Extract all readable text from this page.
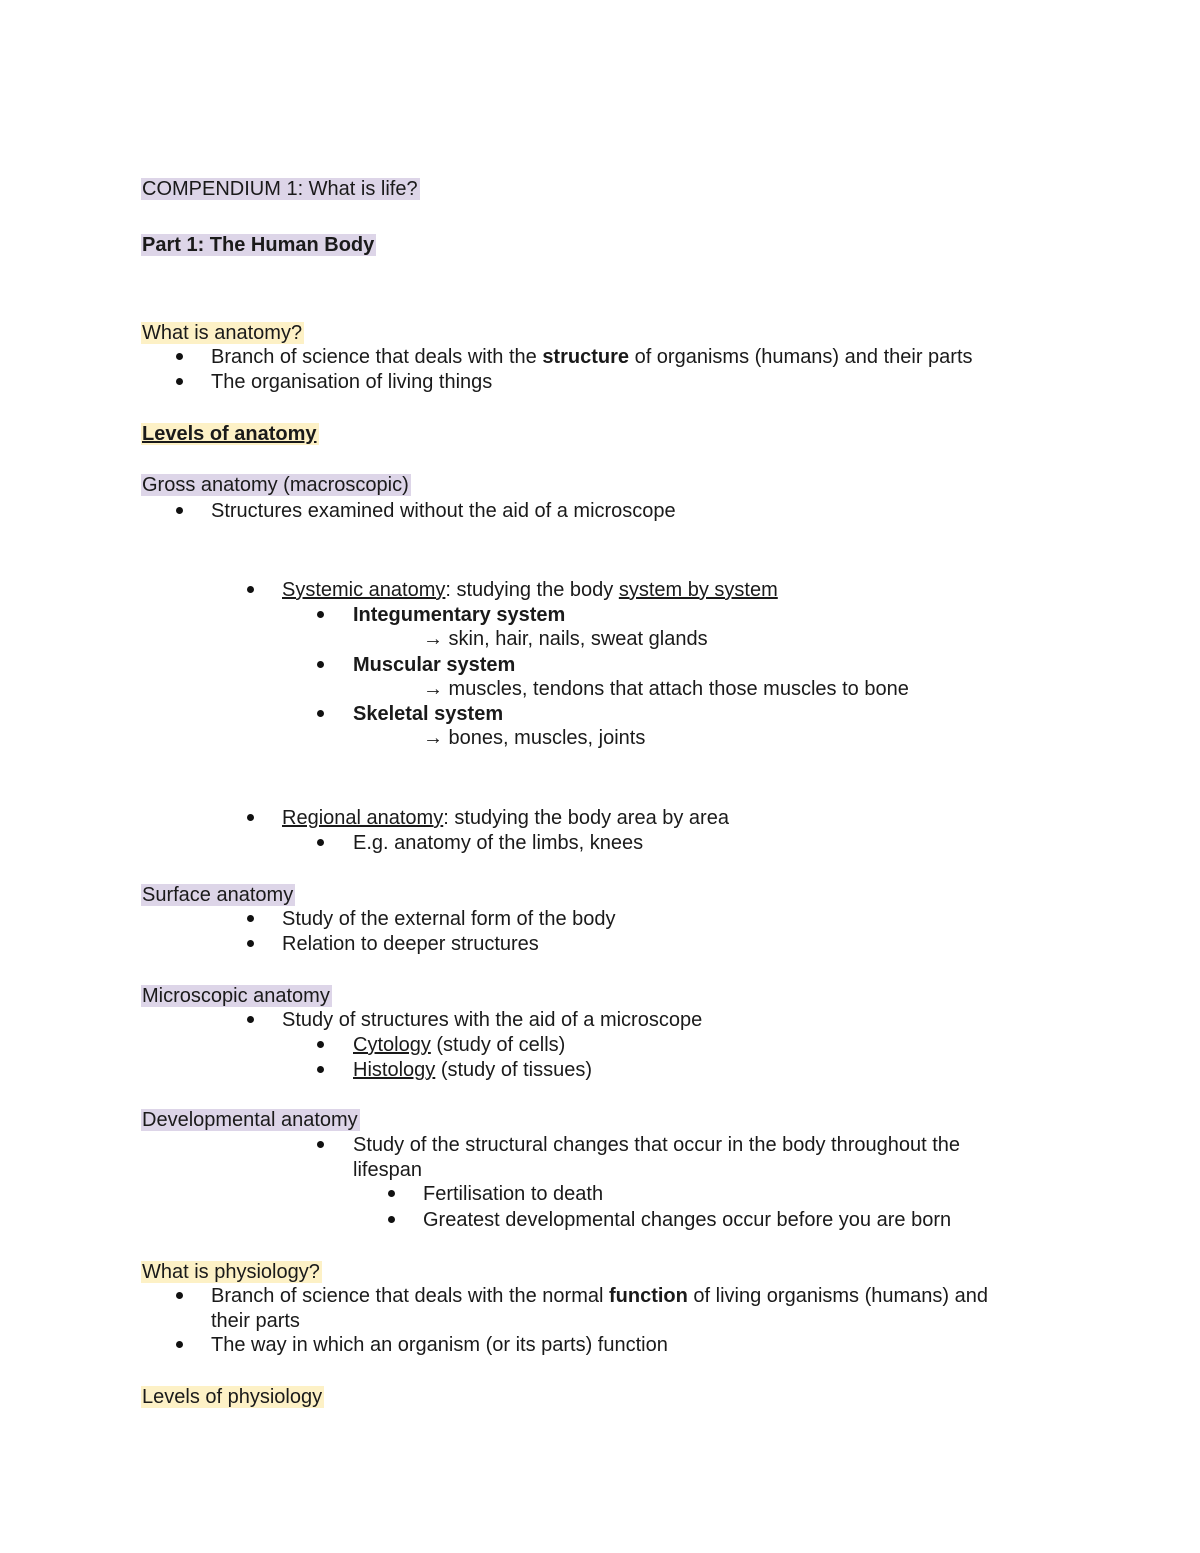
COMPENDIUM 1: What is life?
Part 1: The Human Body
What is anatomy?
Branch of science that deals with the structure of organisms (humans) and their parts
The organisation of living things
Levels of anatomy
Gross anatomy (macroscopic)
Structures examined without the aid of a microscope
Systemic anatomy: studying the body system by system
Integumentary system
→ skin, hair, nails, sweat glands
Muscular system
→ muscles, tendons that attach those muscles to bone
Skeletal system
→ bones, muscles, joints
Regional anatomy: studying the body area by area
E.g. anatomy of the limbs, knees
Surface anatomy
Study of the external form of the body
Relation to deeper structures
Microscopic anatomy
Study of structures with the aid of a microscope
Cytology (study of cells)
Histology (study of tissues)
Developmental anatomy
Study of the structural changes that occur in the body throughout the
lifespan
Fertilisation to death
Greatest developmental changes occur before you are born
What is physiology?
Branch of science that deals with the normal function of living organisms (humans) and
their parts
The way in which an organism (or its parts) function
Levels of physiology
